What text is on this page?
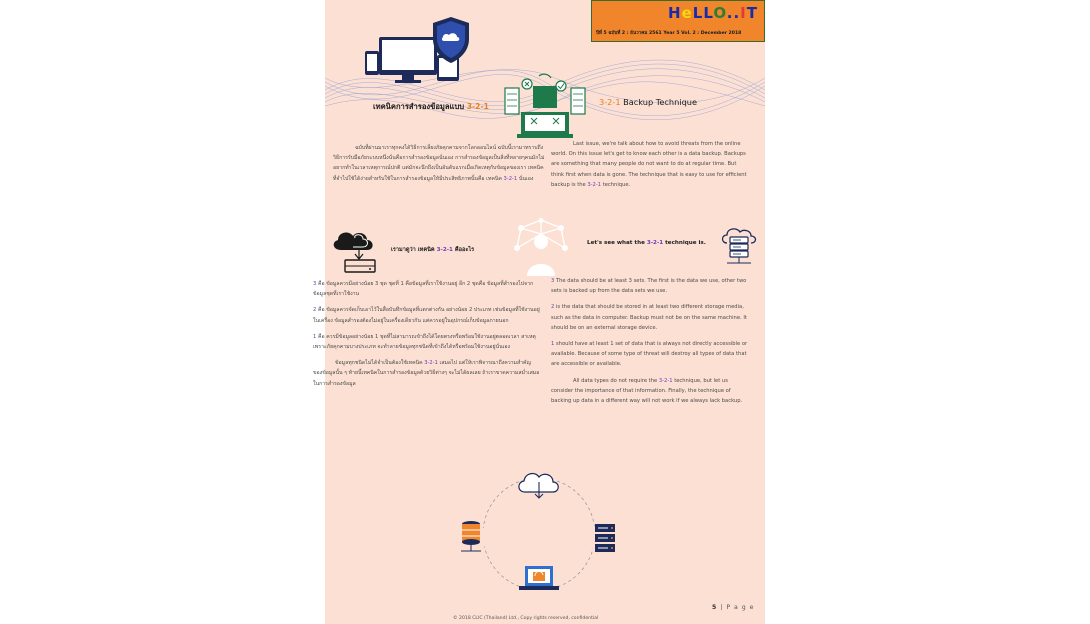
HeLLO..IT
ปีที่ 5 ฉบับที่ 2 : ธันวาคม 2561 Year 5 Vol. 2 : December 2018
เทคนิคการสำรองข้อมูลแบบ 3-2-1	3-2-1 Backup Technique

ฉบับที่ผ่านมาเราทุกคงได้วิธีการเลี่ยงภัยคุกคามจากโลกออนไลน์ ฉบับนี้เรามาทราบถึงวิธีการรับมือภัยระบบหนึ่งนั่นคือการสำรองข้อมูลนั่นเอง การสำรองข้อมูลเป็นสิ่งที่หลายๆคนมักไม่อยากทำในเวลาเหตุการณ์ปกติ แต่มักจะนึกถึงเป็นอันดับแรกเมื่อเกิดเหตุกับข้อมูลของเรา เทคนิคที่จำไปใช้ได้ง่ายสำหรับใช้ในการสำรองข้อมูลให้มีประสิทธิภาพนั้นคือ เทคนิค 3-2-1 นั่นเอง

Last issue, we're talk about how to avoid threats from the online world. On this issue let's get to know each other is a data backup. Backups are something that many people do not want to do at regular time. But think first when data is gone. The technique that is easy to use for efficient backup is the 3-2-1 technique.

เรามาดูว่า เทคนิค 3-2-1 คืออะไร
Let's see what the 3-2-1 technique is.

3 คือ ข้อมูลควรมีอย่างน้อย 3 ชุด ชุดที่ 1 คือข้อมูลที่เราใช้งานอยู่ อีก 2 ชุดคือ ข้อมูลที่สำรองไปจากข้อมูลชุดที่เราใช้งาน

2 คือ ข้อมูลควรจัดเก็บเอาไว้ในสื่อบันทึกข้อมูลที่แตกต่างกัน อย่างน้อย 2 ประเภท เช่นข้อมูลที่ใช้งานอยู่ในเครื่อง ข้อมูลสำรองต้องไม่อยู่ในเครื่องเดียวกัน แต่ควรอยู่ในอุปกรณ์เก็บข้อมูลภายนอก

1 คือ ควรมีข้อมูลอย่างน้อย 1 ชุดที่ไม่สามารถเข้าถึงได้โดยตรงหรือพร้อมใช้งานอยู่ตลอดเวลา สาเหตุเพราะภัยคุกคามบางประเภท จะทำลายข้อมูลทุกชนิดที่เข้าถึงได้หรือพร้อมใช้งานอยู่นั่นเอง

ข้อมูลทุกชนิดไม่ได้จำเป็นต้องใช้เทคนิค 3-2-1 เสมอไป แต่ให้เราพิจารณาถึงความสำคัญของข้อมูลนั้น ๆ ท้ายนี้เทคนิคในการสำรองข้อมูลด้วยวิธีต่างๆ จะไม่ได้ผลเลย ถ้าเราขาดความสม่ำเสมอในการสำรองข้อมูล

3 The data should be at least 3 sets. The first is the data we use, other two sets is backed up from the data sets we use.

2 is the data that should be stored in at least two different storage media, such as the data in computer. Backup must not be on the same machine. It should be on an external storage device.

1 should have at least 1 set of data that is always not directly accessible or available. Because of some type of threat will destroy all types of data that are accessible or available.

All data types do not require the 3-2-1 technique, but let us consider the importance of that information. Finally, the technique of backing up data in a different way will not work if we always lack backup.

5 | P a g e
© 2018 CLIC (Thailand) Ltd., Copy rights reserved, confidential
